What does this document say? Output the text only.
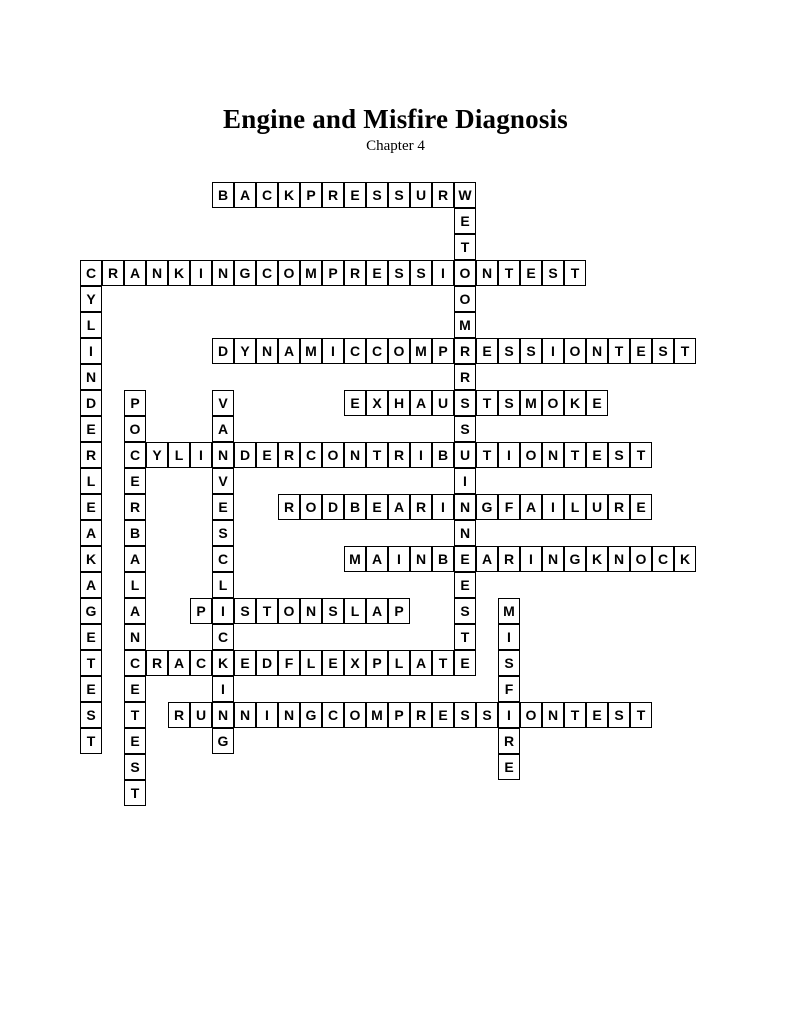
Engine and Misfire Diagnosis
Chapter 4
B A C K P R E S S U R W
E
T
O
O
M
R
R
S
S
U
I
N
N
E
E
S
T
C R A N K	I	N G C O M P R E S S	I	N T E S T
Y
L
I
N
D
E
R
L
E
A
K
A
G
E
T
E
S
T
D Y N A M	I	C C O M P	E S S	I	O N T E S T
E X H A U	T S M O K E
P
O
C
E
R
B
A
L
A
N
C
E
T
E
S
T
V
A
N
V
E
S
C
L
I
C
K
I
N
G
Y L	I	D E R C O N T R	I	B	T	I	O N T E S T
R O D B E A R	I	G F A	I	L U R E
M A	I	N B	A R	I	N G K N O C K
P	S T O N S L A P	M
I
S
F
I
R
E
R A C	E D F L E X P L A T E
R U	N	I	N G C O M P R E S S	O N T E S T
